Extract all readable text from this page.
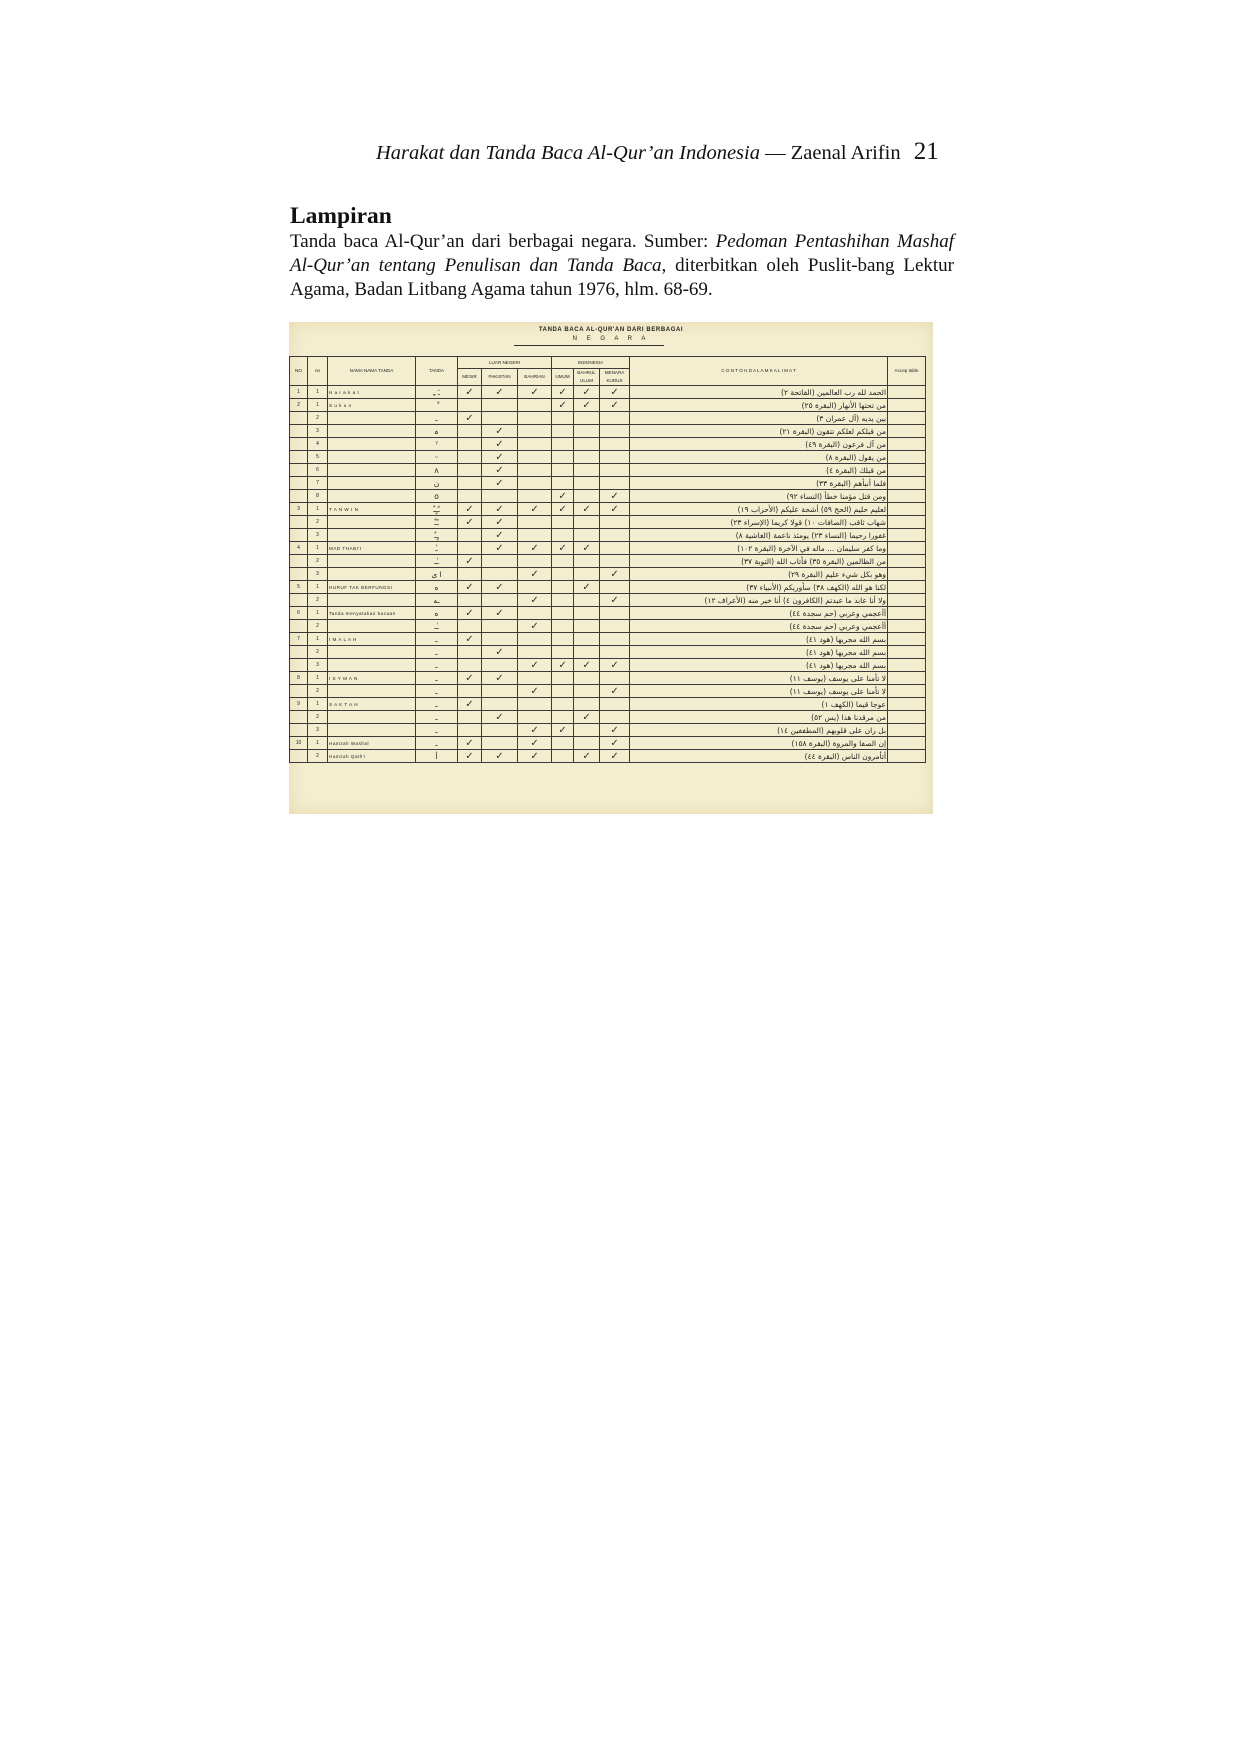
Harakat dan Tanda Baca Al-Qur’an Indonesia — Zaenal Arifin 21
Lampiran
Tanda baca Al-Qur’an dari berbagai negara. Sumber: Pedoman Pentashihan Mashaf Al-Qur’an tentang Penulisan dan Tanda Baca, diterbitkan oleh Puslit-bang Lektur Agama, Badan Litbang Agama tahun 1976, hlm. 68-69.
TANDA BACA AL-QUR'AN DARI BERBAGAI
N E G A R A
NO	nn	NAMA NAMA TANDA	TANDA	LUAR NEGERI			INDONESIA			C O N T O H D A L A M K A L I M A T	Accep table
				MESIR	PAKISTAN	BAHRIAN	UMUM	BAHRUL ULUM	MENARA KUDUS		
1	1	H a r a k a t	ـَ ـِ	✓	✓	✓	✓	✓	✓	الحمد لله رب العالمين (الفاتحة ٢)	
2	1	S u k u n					✓	✓	✓	من تحتها الأنهار (البقرة ٢٥)	
	2		ـ	✓						بين يديه (آل عمران ٣)	
	3		ہ		✓					من قبلكم لعلكم تتقون (البقرة ٢١)	
	4		ˀ		✓					من آل فرعون (البقرة ٤٩)	
	5		ᵕ		✓					من يقول (البقرة ٨)	
	6		ʌ		✓					من قبلك (البقرة ٤)	
	7		ن		✓					فلما أنبأهم (البقرة ٣٣)	
	8		o				✓		✓	ومن قتل مؤمنا خطأ (النساء ٩٢)	
3	1	T A N W I N	ـًـٍـٌ	✓	✓	✓	✓	✓	✓	لعليم حليم (الحج ٥٩) أشحة عليكم (الأحزاب ١٩)	
	2		ـًـٌ	✓	✓					شهاب ثاقب (الصافات ١٠) قولا كريما (الإسراء ٢٣)	
	3		ـٍـٌ		✓					غفورا رحيما (النساء ٢٣) يومئذ ناعمة (الغاشية ٨)	
4	1	MAD THABI'I	ـٰ		✓	✓	✓	✓		وما كفر سليمان ... ماله في الآخرة (البقرة ١٠٢)	
	2		ـٰـ	✓						من الظالمين (البقرة ٣٥) فأتاب الله (التوبة ٣٧)	
	3		ا ى			✓			✓	وهو بكل شيء عليم (البقرة ٢٩)	
5	1	HURUF TAK BERFUNGSI	ه	✓	✓			✓		لكنا هو الله (الكهف ٣٨) سأوريكم (الأنبياء ٣٧)	
	2		ـه			✓			✓	ولا أنا عابد ما عبدتم (الكافرون ٤) أنا خير منه (الأعراف ١٢)	
6	1	Tanda menyatakan bacaan	ه	✓	✓					أأعجمي وعربي (حم سجدة ٤٤)	
	2		ـٰـ			✓				أأعجمي وعربي (حم سجدة ٤٤)	
7	1	I M A L A H	ـ	✓						بسم الله مجريها (هود ٤١)	
	2		ـ		✓					بسم الله مجريها (هود ٤١)	
	3		ـ			✓	✓	✓	✓	بسم الله مجريها (هود ٤١)	
8	1	I S Y M A N	ـ	✓	✓					لا تأمنا على يوسف (يوسف ١١)	
	2		ـ			✓			✓	لا تأمنا على يوسف (يوسف ١١)	
9	1	S A K T A H	ـ	✓						عوجا قيما (الكهف ١)	
	2		ـ		✓			✓		من مرقدنا هذا (يس ٥٢)	
	3		ـ			✓	✓		✓	بل ران على قلوبهم (المطففين ١٤)	
10	1	Hamzah Washal	ـ	✓		✓			✓	إن الصفا والمروة (البقرة ١٥٨)	
	2	Hamzah Qath'i	أ	✓	✓	✓		✓	✓	أتأمرون الناس (البقرة ٤٤)	
